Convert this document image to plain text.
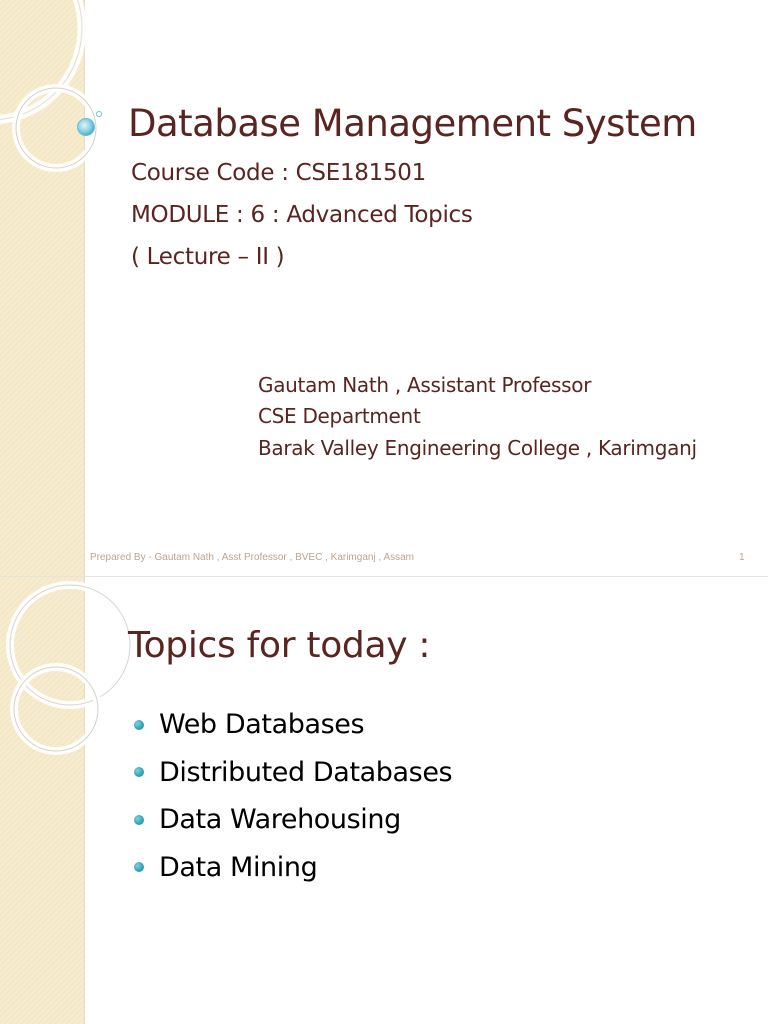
Database Management System
Course Code : CSE181501
MODULE : 6 : Advanced Topics
( Lecture – II )
Gautam Nath , Assistant Professor
CSE Department
Barak Valley Engineering College , Karimganj
Prepared By - Gautam Nath , Asst Professor , BVEC , Karimganj , Assam	1
Topics for today :
Web Databases
Distributed Databases
Data Warehousing
Data Mining
